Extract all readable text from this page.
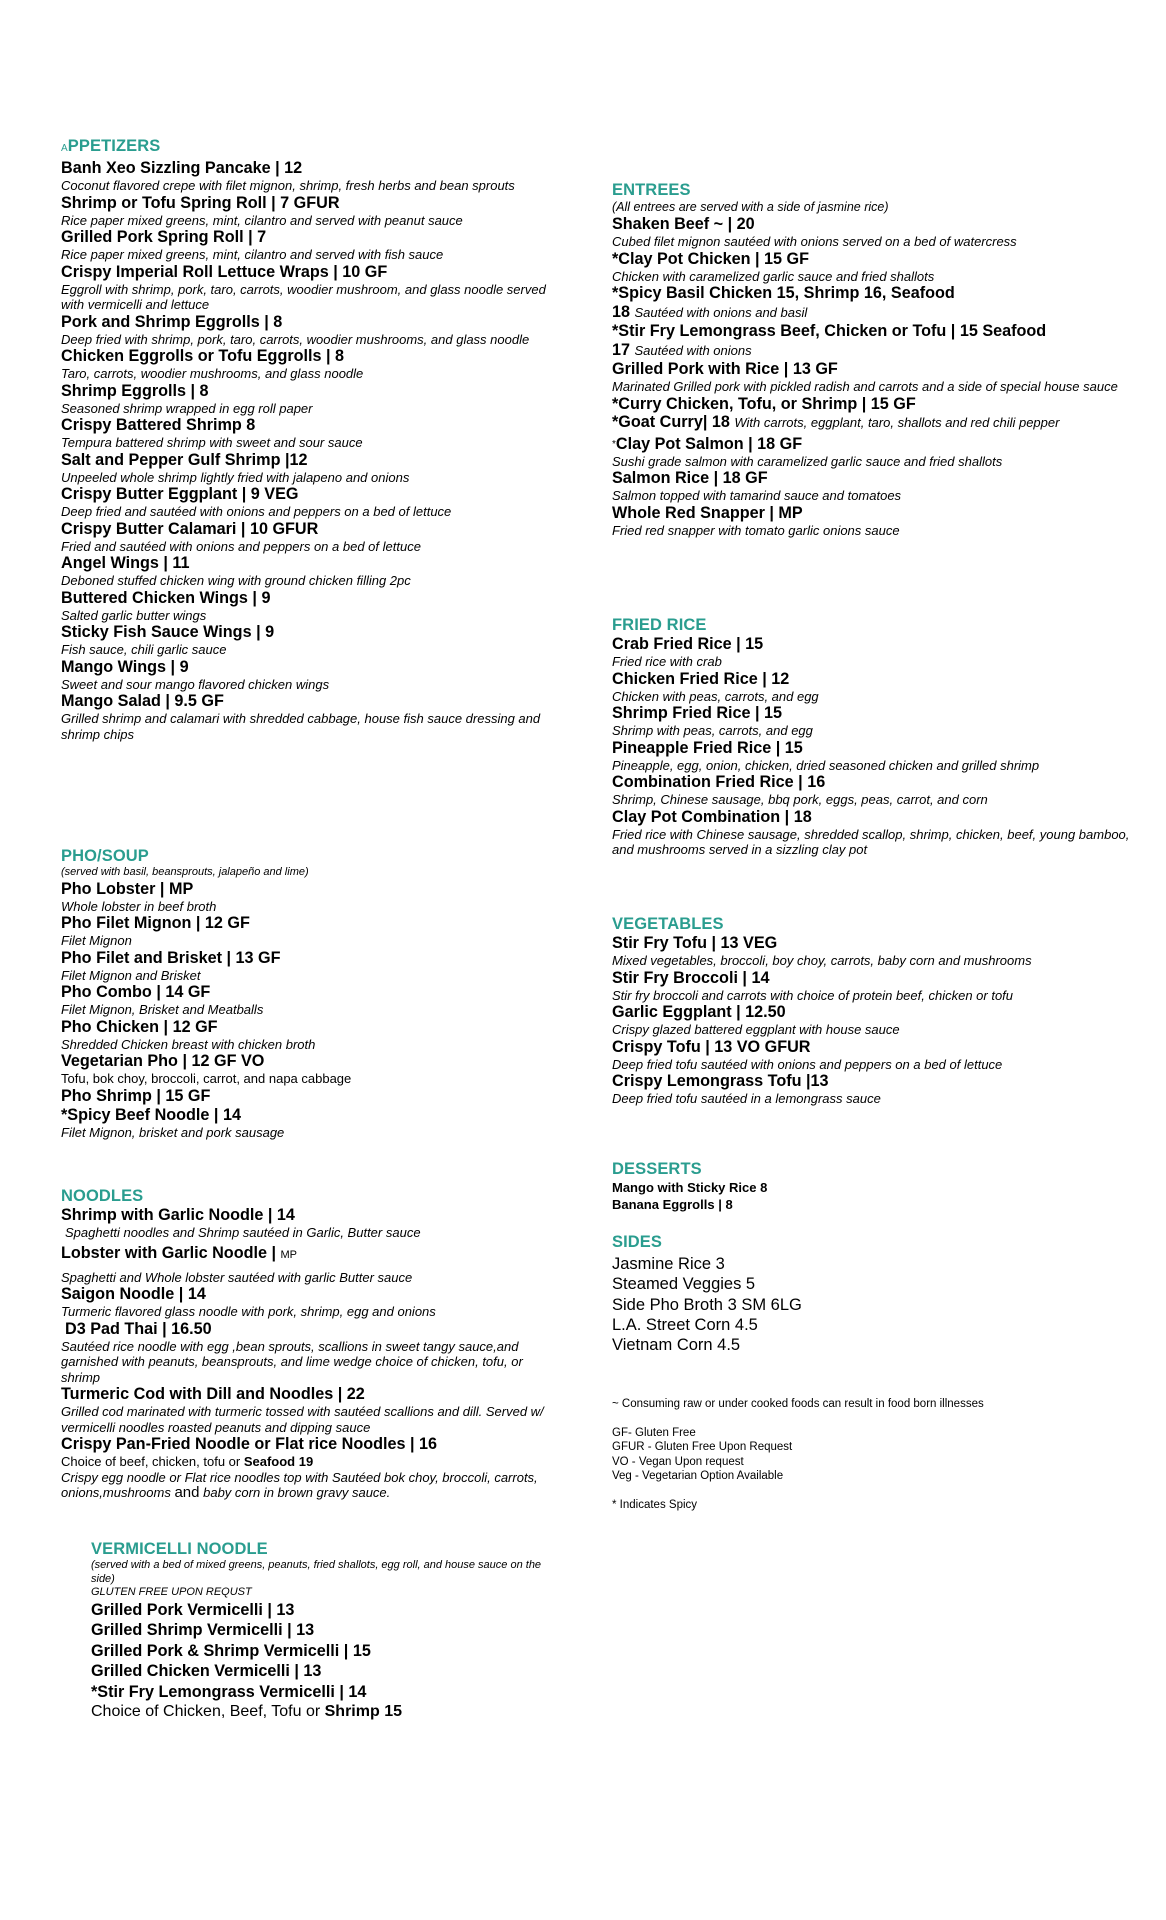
APPETIZERS
Banh Xeo Sizzling Pancake | 12
Coconut flavored crepe with filet mignon, shrimp, fresh herbs and bean sprouts
Shrimp or Tofu Spring Roll | 7 GFUR
Rice paper mixed greens, mint, cilantro and served with peanut sauce
Grilled Pork Spring Roll | 7
Rice paper mixed greens, mint, cilantro and served with fish sauce
Crispy Imperial Roll Lettuce Wraps | 10 GF
Eggroll with shrimp, pork, taro, carrots, woodier mushroom, and glass noodle served with vermicelli and lettuce
Pork and Shrimp Eggrolls | 8
Deep fried with shrimp, pork, taro, carrots, woodier mushrooms, and glass noodle
Chicken Eggrolls or Tofu Eggrolls | 8
Taro, carrots, woodier mushrooms, and glass noodle
Shrimp Eggrolls | 8
Seasoned shrimp wrapped in egg roll paper
Crispy Battered Shrimp 8
Tempura battered shrimp with sweet and sour sauce
Salt and Pepper Gulf Shrimp |12
Unpeeled whole shrimp lightly fried with jalapeno and onions
Crispy Butter Eggplant | 9 VEG
Deep fried and sautéed with onions and peppers on a bed of lettuce
Crispy Butter Calamari | 10 GFUR
Fried and sautéed with onions and peppers on a bed of lettuce
Angel Wings | 11
Deboned stuffed chicken wing with ground chicken filling 2pc
Buttered Chicken Wings | 9
Salted garlic butter wings
Sticky Fish Sauce Wings | 9
Fish sauce, chili garlic sauce
Mango Wings | 9
Sweet and sour mango flavored chicken wings
Mango Salad | 9.5 GF
Grilled shrimp and calamari with shredded cabbage, house fish sauce dressing and shrimp chips
PHO/SOUP
(served with basil, beansprouts, jalapeño and lime)
Pho Lobster | MP
Whole lobster in beef broth
Pho Filet Mignon | 12 GF
Filet Mignon
Pho Filet and Brisket | 13 GF
Filet Mignon and Brisket
Pho Combo | 14 GF
Filet Mignon, Brisket and Meatballs
Pho Chicken | 12 GF
Shredded Chicken breast with chicken broth
Vegetarian Pho | 12 GF VO
Tofu, bok choy, broccoli, carrot, and napa cabbage
Pho Shrimp | 15 GF
*Spicy Beef Noodle | 14
Filet Mignon, brisket and pork sausage
NOODLES
Shrimp with Garlic Noodle | 14
Spaghetti noodles and Shrimp sautéed in Garlic, Butter sauce
Lobster with Garlic Noodle | MP
Spaghetti and Whole lobster sautéed with garlic Butter sauce
Saigon Noodle | 14
Turmeric flavored glass noodle with pork, shrimp, egg and onions
D3 Pad Thai | 16.50
Sautéed rice noodle with egg ,bean sprouts, scallions in sweet tangy sauce,and garnished with peanuts, beansprouts, and lime wedge choice of chicken, tofu, or shrimp
Turmeric Cod with Dill and Noodles | 22
Grilled cod marinated with turmeric tossed with sautéed scallions and dill. Served w/ vermicelli noodles roasted peanuts and dipping sauce
Crispy Pan-Fried Noodle or Flat rice Noodles | 16
Choice of beef, chicken, tofu or Seafood 19
Crispy egg noodle or Flat rice noodles top with Sautéed bok choy, broccoli, carrots, onions,mushrooms and baby corn in brown gravy sauce.
VERMICELLI NOODLE
(served with a bed of mixed greens, peanuts, fried shallots, egg roll, and house sauce on the side)
GLUTEN FREE UPON REQUST
Grilled Pork Vermicelli | 13
Grilled Shrimp Vermicelli | 13
Grilled Pork & Shrimp Vermicelli | 15
Grilled Chicken Vermicelli | 13
*Stir Fry Lemongrass Vermicelli | 14
Choice of Chicken, Beef, Tofu or Shrimp 15
ENTREES
(All entrees are served with a side of jasmine rice)
Shaken Beef ~ | 20
Cubed filet mignon sautéed with onions served on a bed of watercress
*Clay Pot Chicken | 15 GF
Chicken with caramelized garlic sauce and fried shallots
*Spicy Basil Chicken 15, Shrimp 16, Seafood
18 Sautéed with onions and basil
*Stir Fry Lemongrass Beef, Chicken or Tofu | 15 Seafood
17 Sautéed with onions
Grilled Pork with Rice | 13 GF
Marinated Grilled pork with pickled radish and carrots and a side of special house sauce
*Curry Chicken, Tofu, or Shrimp | 15 GF
*Goat Curry| 18 With carrots, eggplant, taro, shallots and red chili pepper
*Clay Pot Salmon | 18 GF
Sushi grade salmon with caramelized garlic sauce and fried shallots
Salmon Rice | 18 GF
Salmon topped with tamarind sauce and tomatoes
Whole Red Snapper | MP
Fried red snapper with tomato garlic onions sauce
FRIED RICE
Crab Fried Rice | 15
Fried rice with crab
Chicken Fried Rice | 12
Chicken with peas, carrots, and egg
Shrimp Fried Rice | 15
Shrimp with peas, carrots, and egg
Pineapple Fried Rice | 15
Pineapple, egg, onion, chicken, dried seasoned chicken and grilled shrimp
Combination Fried Rice | 16
Shrimp, Chinese sausage, bbq pork, eggs, peas, carrot, and corn
Clay Pot Combination | 18
Fried rice with Chinese sausage, shredded scallop, shrimp, chicken, beef, young bamboo, and mushrooms served in a sizzling clay pot
VEGETABLES
Stir Fry Tofu | 13 VEG
Mixed vegetables, broccoli, boy choy, carrots, baby corn and mushrooms
Stir Fry Broccoli | 14
Stir fry broccoli and carrots with choice of protein beef, chicken or tofu
Garlic Eggplant | 12.50
Crispy glazed battered eggplant with house sauce
Crispy Tofu | 13 VO GFUR
Deep fried tofu sautéed with onions and peppers on a bed of lettuce
Crispy Lemongrass Tofu |13
Deep fried tofu sautéed in a lemongrass sauce
DESSERTS
Mango with Sticky Rice 8
Banana Eggrolls | 8
SIDES
Jasmine Rice 3
Steamed Veggies 5
Side Pho Broth 3 SM 6LG
L.A. Street Corn 4.5
Vietnam Corn 4.5
~ Consuming raw or under cooked foods can result in food born illnesses
GF- Gluten Free
GFUR - Gluten Free Upon Request
VO - Vegan Upon request
Veg - Vegetarian Option Available
* Indicates Spicy
